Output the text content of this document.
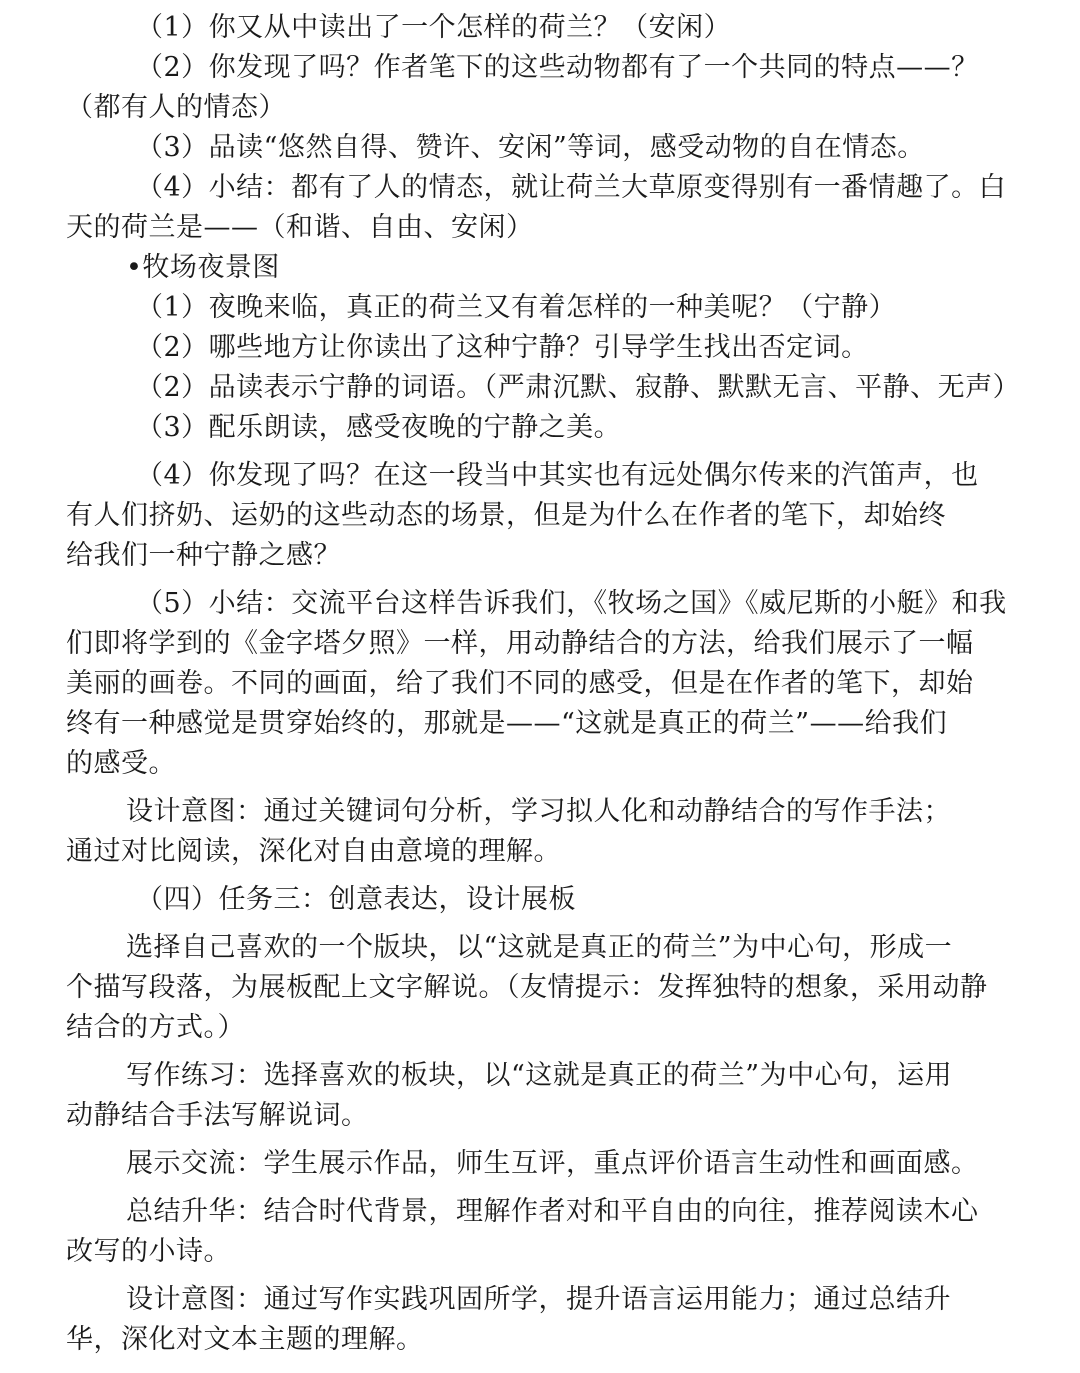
（1）你又从中读出了一个怎样的荷兰？（安闲）
（2）你发现了吗？作者笔下的这些动物都有了一个共同的特点——？
（都有人的情态）
（3）品读“悠然自得、赞许、安闲”等词，感受动物的自在情态。
（4）小结：都有了人的情态，就让荷兰大草原变得别有一番情趣了。白
天的荷兰是——（和谐、自由、安闲）
•牧场夜景图
（1）夜晚来临，真正的荷兰又有着怎样的一种美呢？（宁静）
（2）哪些地方让你读出了这种宁静？引导学生找出否定词。
（2）品读表示宁静的词语。（严肃沉默、寂静、默默无言、平静、无声）
（3）配乐朗读，感受夜晚的宁静之美。
（4）你发现了吗？在这一段当中其实也有远处偶尔传来的汽笛声，也
有人们挤奶、运奶的这些动态的场景，但是为什么在作者的笔下，却始终
给我们一种宁静之感？
（5）小结：交流平台这样告诉我们，《牧场之国》《威尼斯的小艇》和我
们即将学到的《金字塔夕照》一样，用动静结合的方法，给我们展示了一幅
美丽的画卷。不同的画面，给了我们不同的感受，但是在作者的笔下，却始
终有一种感觉是贯穿始终的，那就是——“这就是真正的荷兰”——给我们
的感受。
设计意图：通过关键词句分析，学习拟人化和动静结合的写作手法；
通过对比阅读，深化对自由意境的理解。
（四）任务三：创意表达，设计展板
选择自己喜欢的一个版块，以“这就是真正的荷兰”为中心句，形成一
个描写段落，为展板配上文字解说。（友情提示：发挥独特的想象，采用动静
结合的方式。）
写作练习：选择喜欢的板块，以“这就是真正的荷兰”为中心句，运用
动静结合手法写解说词。
展示交流：学生展示作品，师生互评，重点评价语言生动性和画面感。
总结升华：结合时代背景，理解作者对和平自由的向往，推荐阅读木心
改写的小诗。
设计意图：通过写作实践巩固所学，提升语言运用能力；通过总结升
华，深化对文本主题的理解。
